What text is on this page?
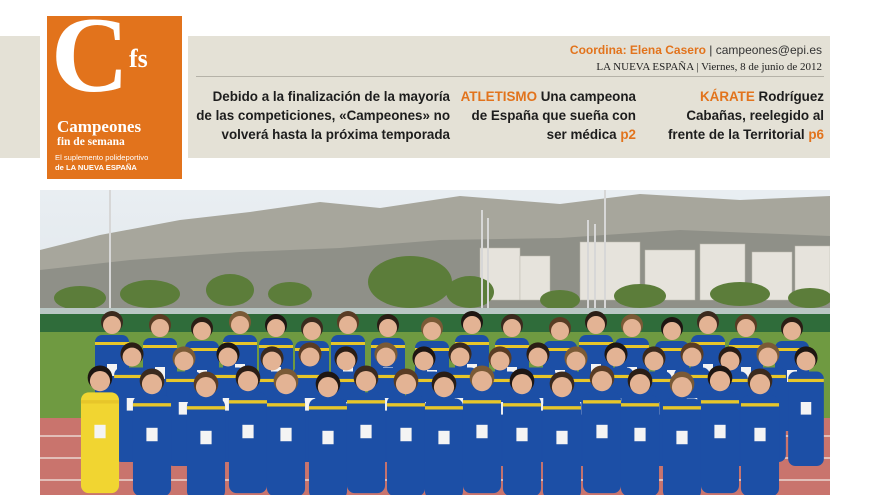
C fs
Campeones
fin de semana
El suplemento polideportivo
de LA NUEVA ESPAÑA
Coordina: Elena Casero | campeones@epi.es
LA NUEVA ESPAÑA | Viernes, 8 de junio de 2012
Debido a la finalización de la mayoría de las competiciones, «Campeones» no volverá hasta la próxima temporada
ATLETISMO Una campeona de España que sueña con ser médica p2
KÁRATE Rodríguez Cabañas, reelegido al frente de la Territorial p6
